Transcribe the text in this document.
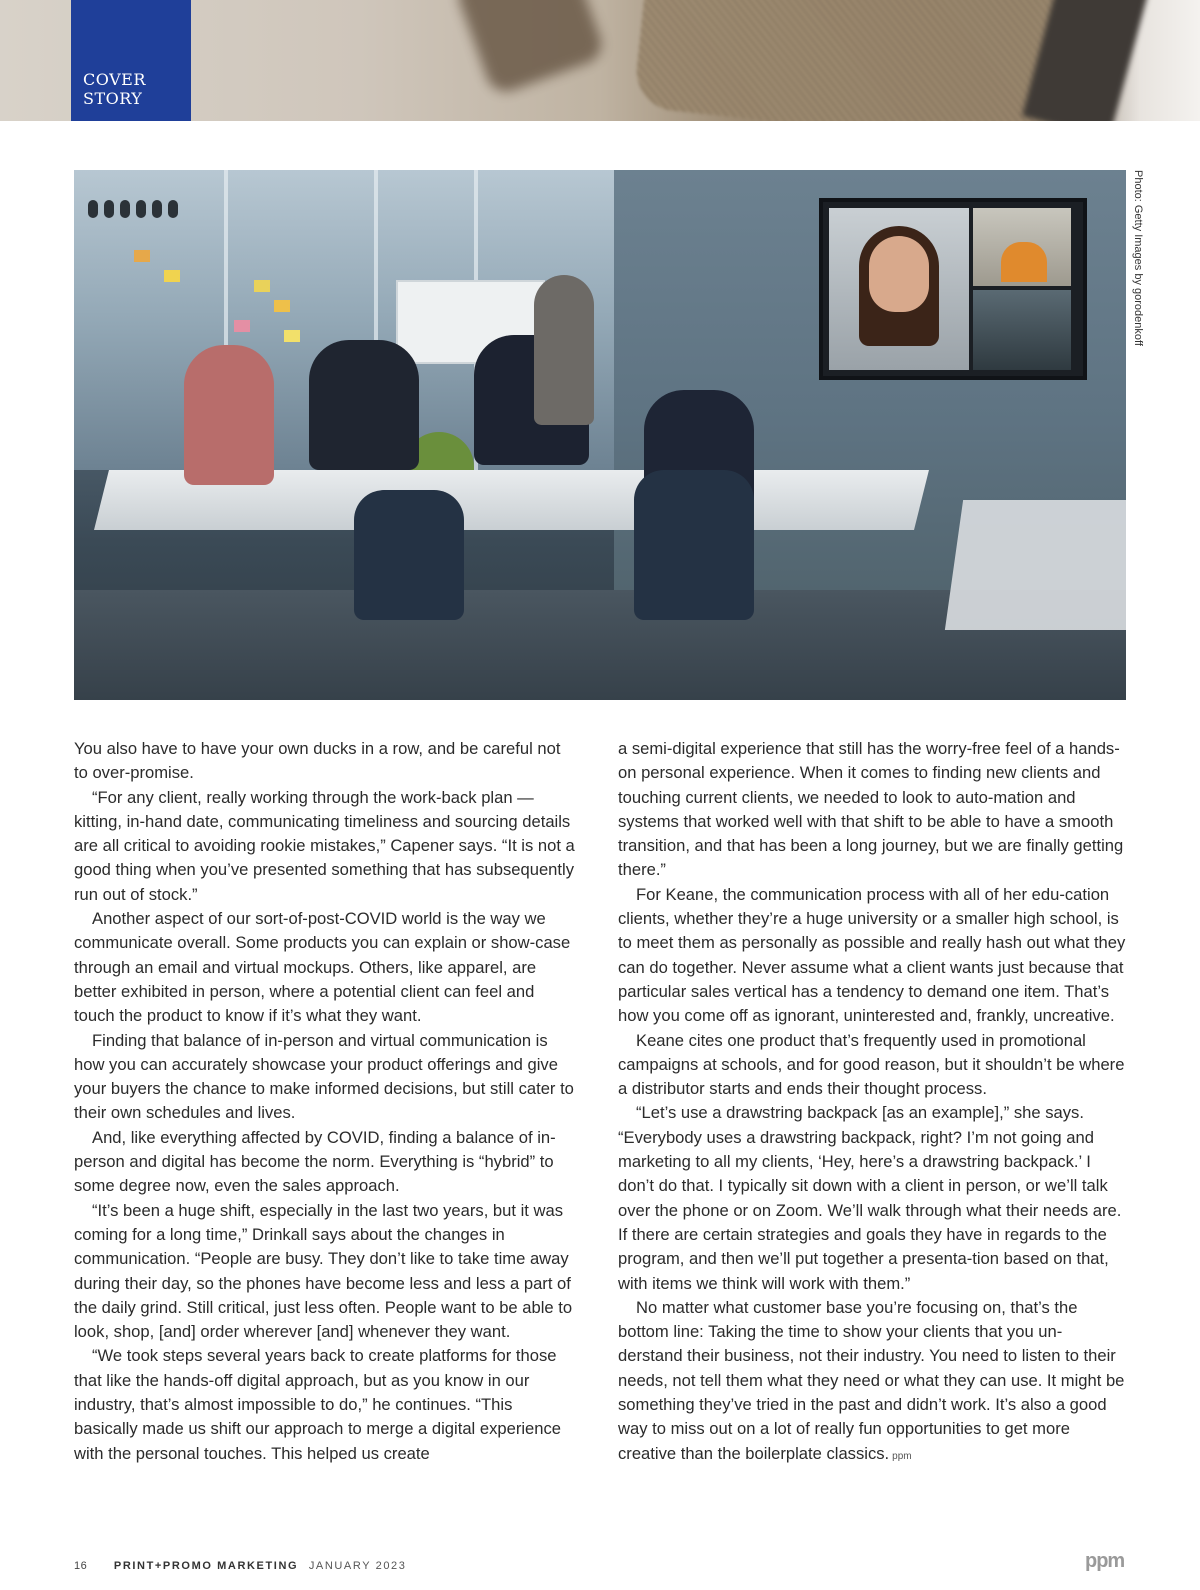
COVER
STORY
Photo: Getty Images by gorodenkoff

You also have to have your own ducks in a row, and be careful not to over-promise.

“For any client, really working through the work-back plan — kitting, in-hand date, communicating timeliness and sourcing details are all critical to avoiding rookie mistakes,” Capener says. “It is not a good thing when you’ve presented something that has subsequently run out of stock.”

Another aspect of our sort-of-post-COVID world is the way we communicate overall. Some products you can explain or show-case through an email and virtual mockups. Others, like apparel, are better exhibited in person, where a potential client can feel and touch the product to know if it’s what they want.

Finding that balance of in-person and virtual communication is how you can accurately showcase your product offerings and give your buyers the chance to make informed decisions, but still cater to their own schedules and lives.

And, like everything affected by COVID, finding a balance of in-person and digital has become the norm. Everything is “hybrid” to some degree now, even the sales approach.

“It’s been a huge shift, especially in the last two years, but it was coming for a long time,” Drinkall says about the changes in communication. “People are busy. They don’t like to take time away during their day, so the phones have become less and less a part of the daily grind. Still critical, just less often. People want to be able to look, shop, [and] order wherever [and] whenever they want.

“We took steps several years back to create platforms for those that like the hands-off digital approach, but as you know in our industry, that’s almost impossible to do,” he continues. “This basically made us shift our approach to merge a digital experience with the personal touches. This helped us create

a semi-digital experience that still has the worry-free feel of a hands-on personal experience. When it comes to finding new clients and touching current clients, we needed to look to auto-mation and systems that worked well with that shift to be able to have a smooth transition, and that has been a long journey, but we are finally getting there.”

For Keane, the communication process with all of her edu-cation clients, whether they’re a huge university or a smaller high school, is to meet them as personally as possible and really hash out what they can do together. Never assume what a client wants just because that particular sales vertical has a tendency to demand one item. That’s how you come off as ignorant, uninterested and, frankly, uncreative.

Keane cites one product that’s frequently used in promotional campaigns at schools, and for good reason, but it shouldn’t be where a distributor starts and ends their thought process.

“Let’s use a drawstring backpack [as an example],” she says. “Everybody uses a drawstring backpack, right? I’m not going and marketing to all my clients, ‘Hey, here’s a drawstring backpack.’ I don’t do that. I typically sit down with a client in person, or we’ll talk over the phone or on Zoom. We’ll walk through what their needs are. If there are certain strategies and goals they have in regards to the program, and then we’ll put together a presenta-tion based on that, with items we think will work with them.”

No matter what customer base you’re focusing on, that’s the bottom line: Taking the time to show your clients that you un-derstand their business, not their industry. You need to listen to their needs, not tell them what they need or what they can use. It might be something they’ve tried in the past and didn’t work. It’s also a good way to miss out on a lot of really fun opportunities to get more creative than the boilerplate classics. ppm

16 PRINT+PROMO MARKETING JANUARY 2023	ppm
